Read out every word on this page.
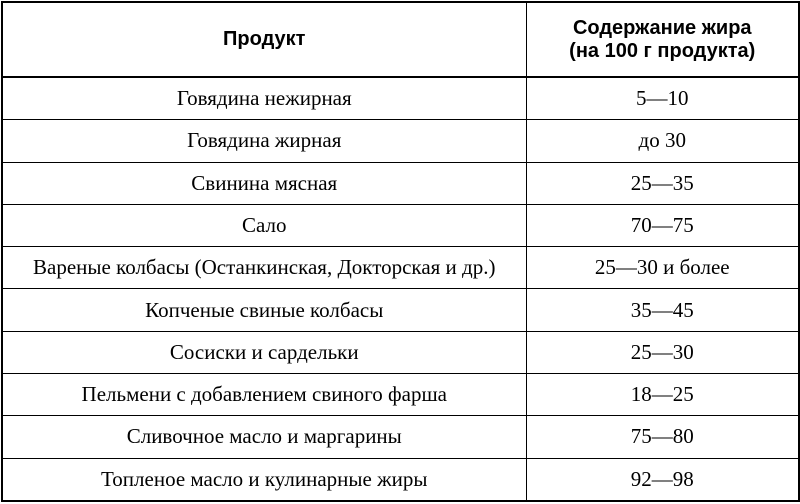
Продукт	Содержание жира
(на 100 г продукта)

Говядина нежирная	5—10
Говядина жирная	до 30
Свинина мясная	25—35
Сало	70—75
Вареные колбасы (Останкинская, Докторская и др.)	25—30 и более
Копченые свиные колбасы	35—45
Сосиски и сардельки	25—30
Пельмени с добавлением свиного фарша	18—25
Сливочное масло и маргарины	75—80
Топленое масло и кулинарные жиры	92—98
